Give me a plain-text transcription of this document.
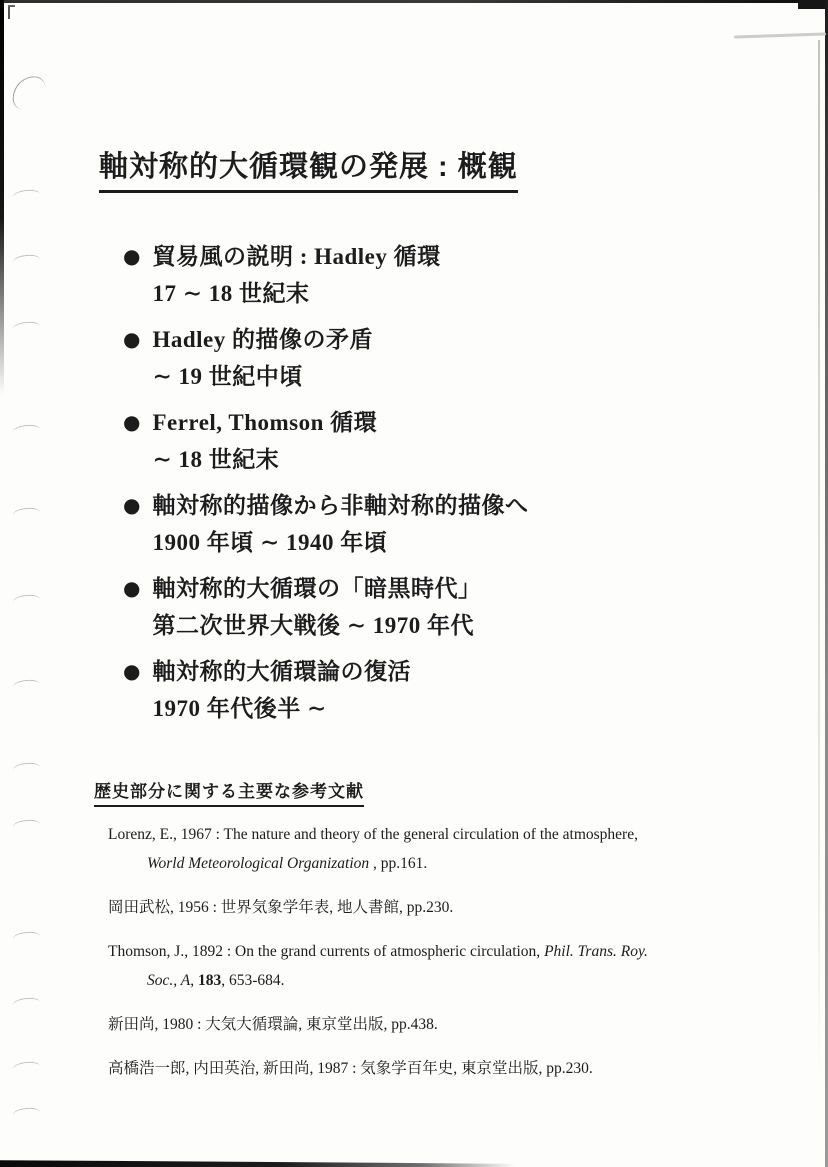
軸対称的大循環観の発展 : 概観
● 貿易風の説明 : Hadley 循環
17 ∼ 18 世紀末
● Hadley 的描像の矛盾
∼ 19 世紀中頃
● Ferrel, Thomson 循環
∼ 18 世紀末
● 軸対称的描像から非軸対称的描像へ
1900 年頃 ∼ 1940 年頃
● 軸対称的大循環の「暗黒時代」
第二次世界大戦後 ∼ 1970 年代
● 軸対称的大循環論の復活
1970 年代後半 ∼
歴史部分に関する主要な参考文献

Lorenz, E., 1967 : The nature and theory of the general circulation of the atmosphere,
World Meteorological Organization , pp.161.

岡田武松, 1956 : 世界気象学年表, 地人書館, pp.230.

Thomson, J., 1892 : On the grand currents of atmospheric circulation, Phil. Trans. Roy.
Soc., A, 183, 653-684.

新田尚, 1980 : 大気大循環論, 東京堂出版, pp.438.

高橋浩一郎, 内田英治, 新田尚, 1987 : 気象学百年史, 東京堂出版, pp.230.
